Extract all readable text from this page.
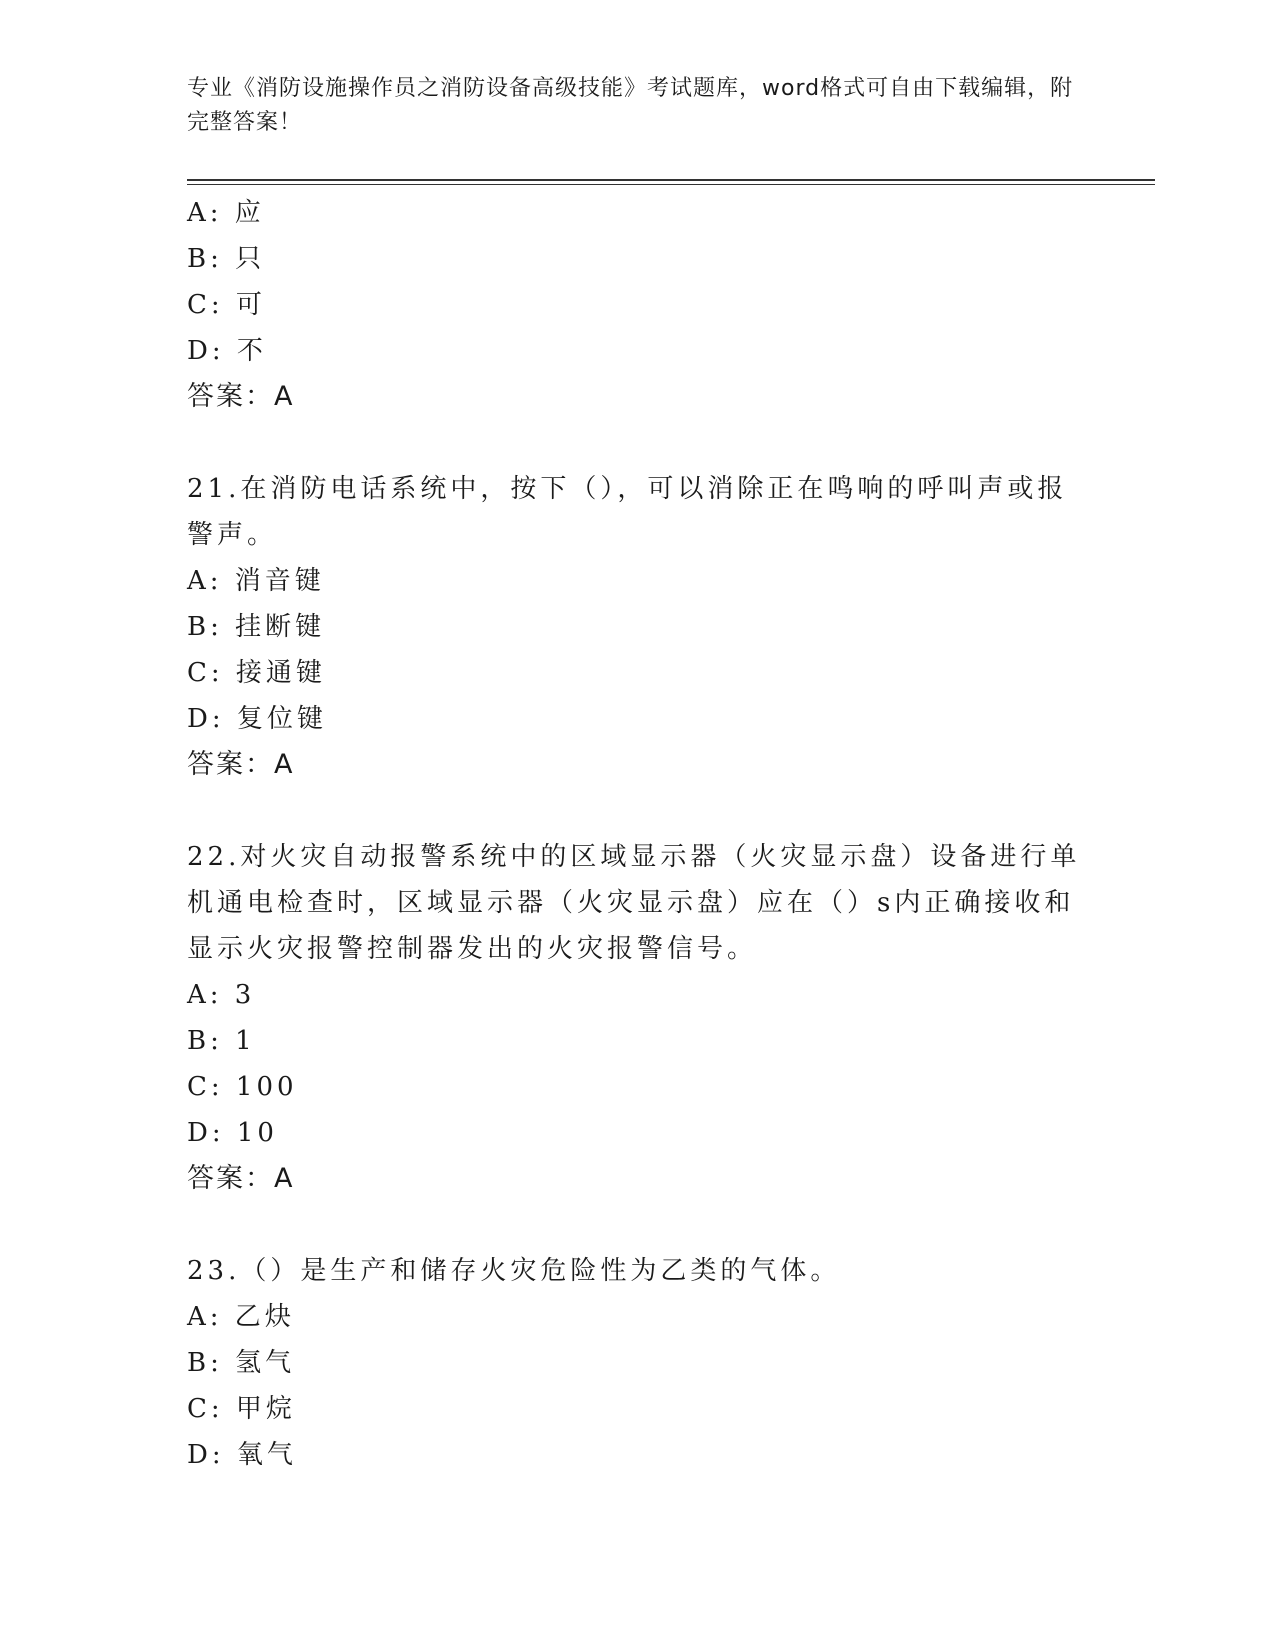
专业《消防设施操作员之消防设备高级技能》考试题库，word格式可自由下载编辑，附完整答案！
A: 应
B: 只
C: 可
D: 不
答案：A
21.在消防电话系统中，按下（），可以消除正在鸣响的呼叫声或报警声。
A: 消音键
B: 挂断键
C: 接通键
D: 复位键
答案：A
22.对火灾自动报警系统中的区域显示器（火灾显示盘）设备进行单机通电检查时，区域显示器（火灾显示盘）应在（）s内正确接收和显示火灾报警控制器发出的火灾报警信号。
A: 3
B: 1
C: 100
D: 10
答案：A
23.（）是生产和储存火灾危险性为乙类的气体。
A: 乙炔
B: 氢气
C: 甲烷
D: 氧气
